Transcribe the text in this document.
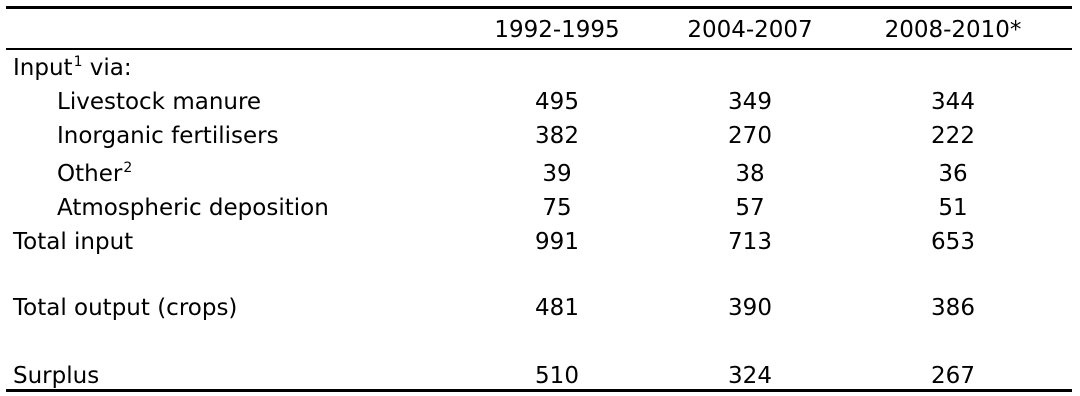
1992-1995	2004-2007	2008-2010*
Input$^1$ via:
Livestock manure	495	349	344
Inorganic fertilisers	382	270	222
Other$^2$	39	38	36
Atmospheric deposition	75	57	51
Total input	991	713	653
Total output (crops)	481	390	386
Surplus	510	324	267
